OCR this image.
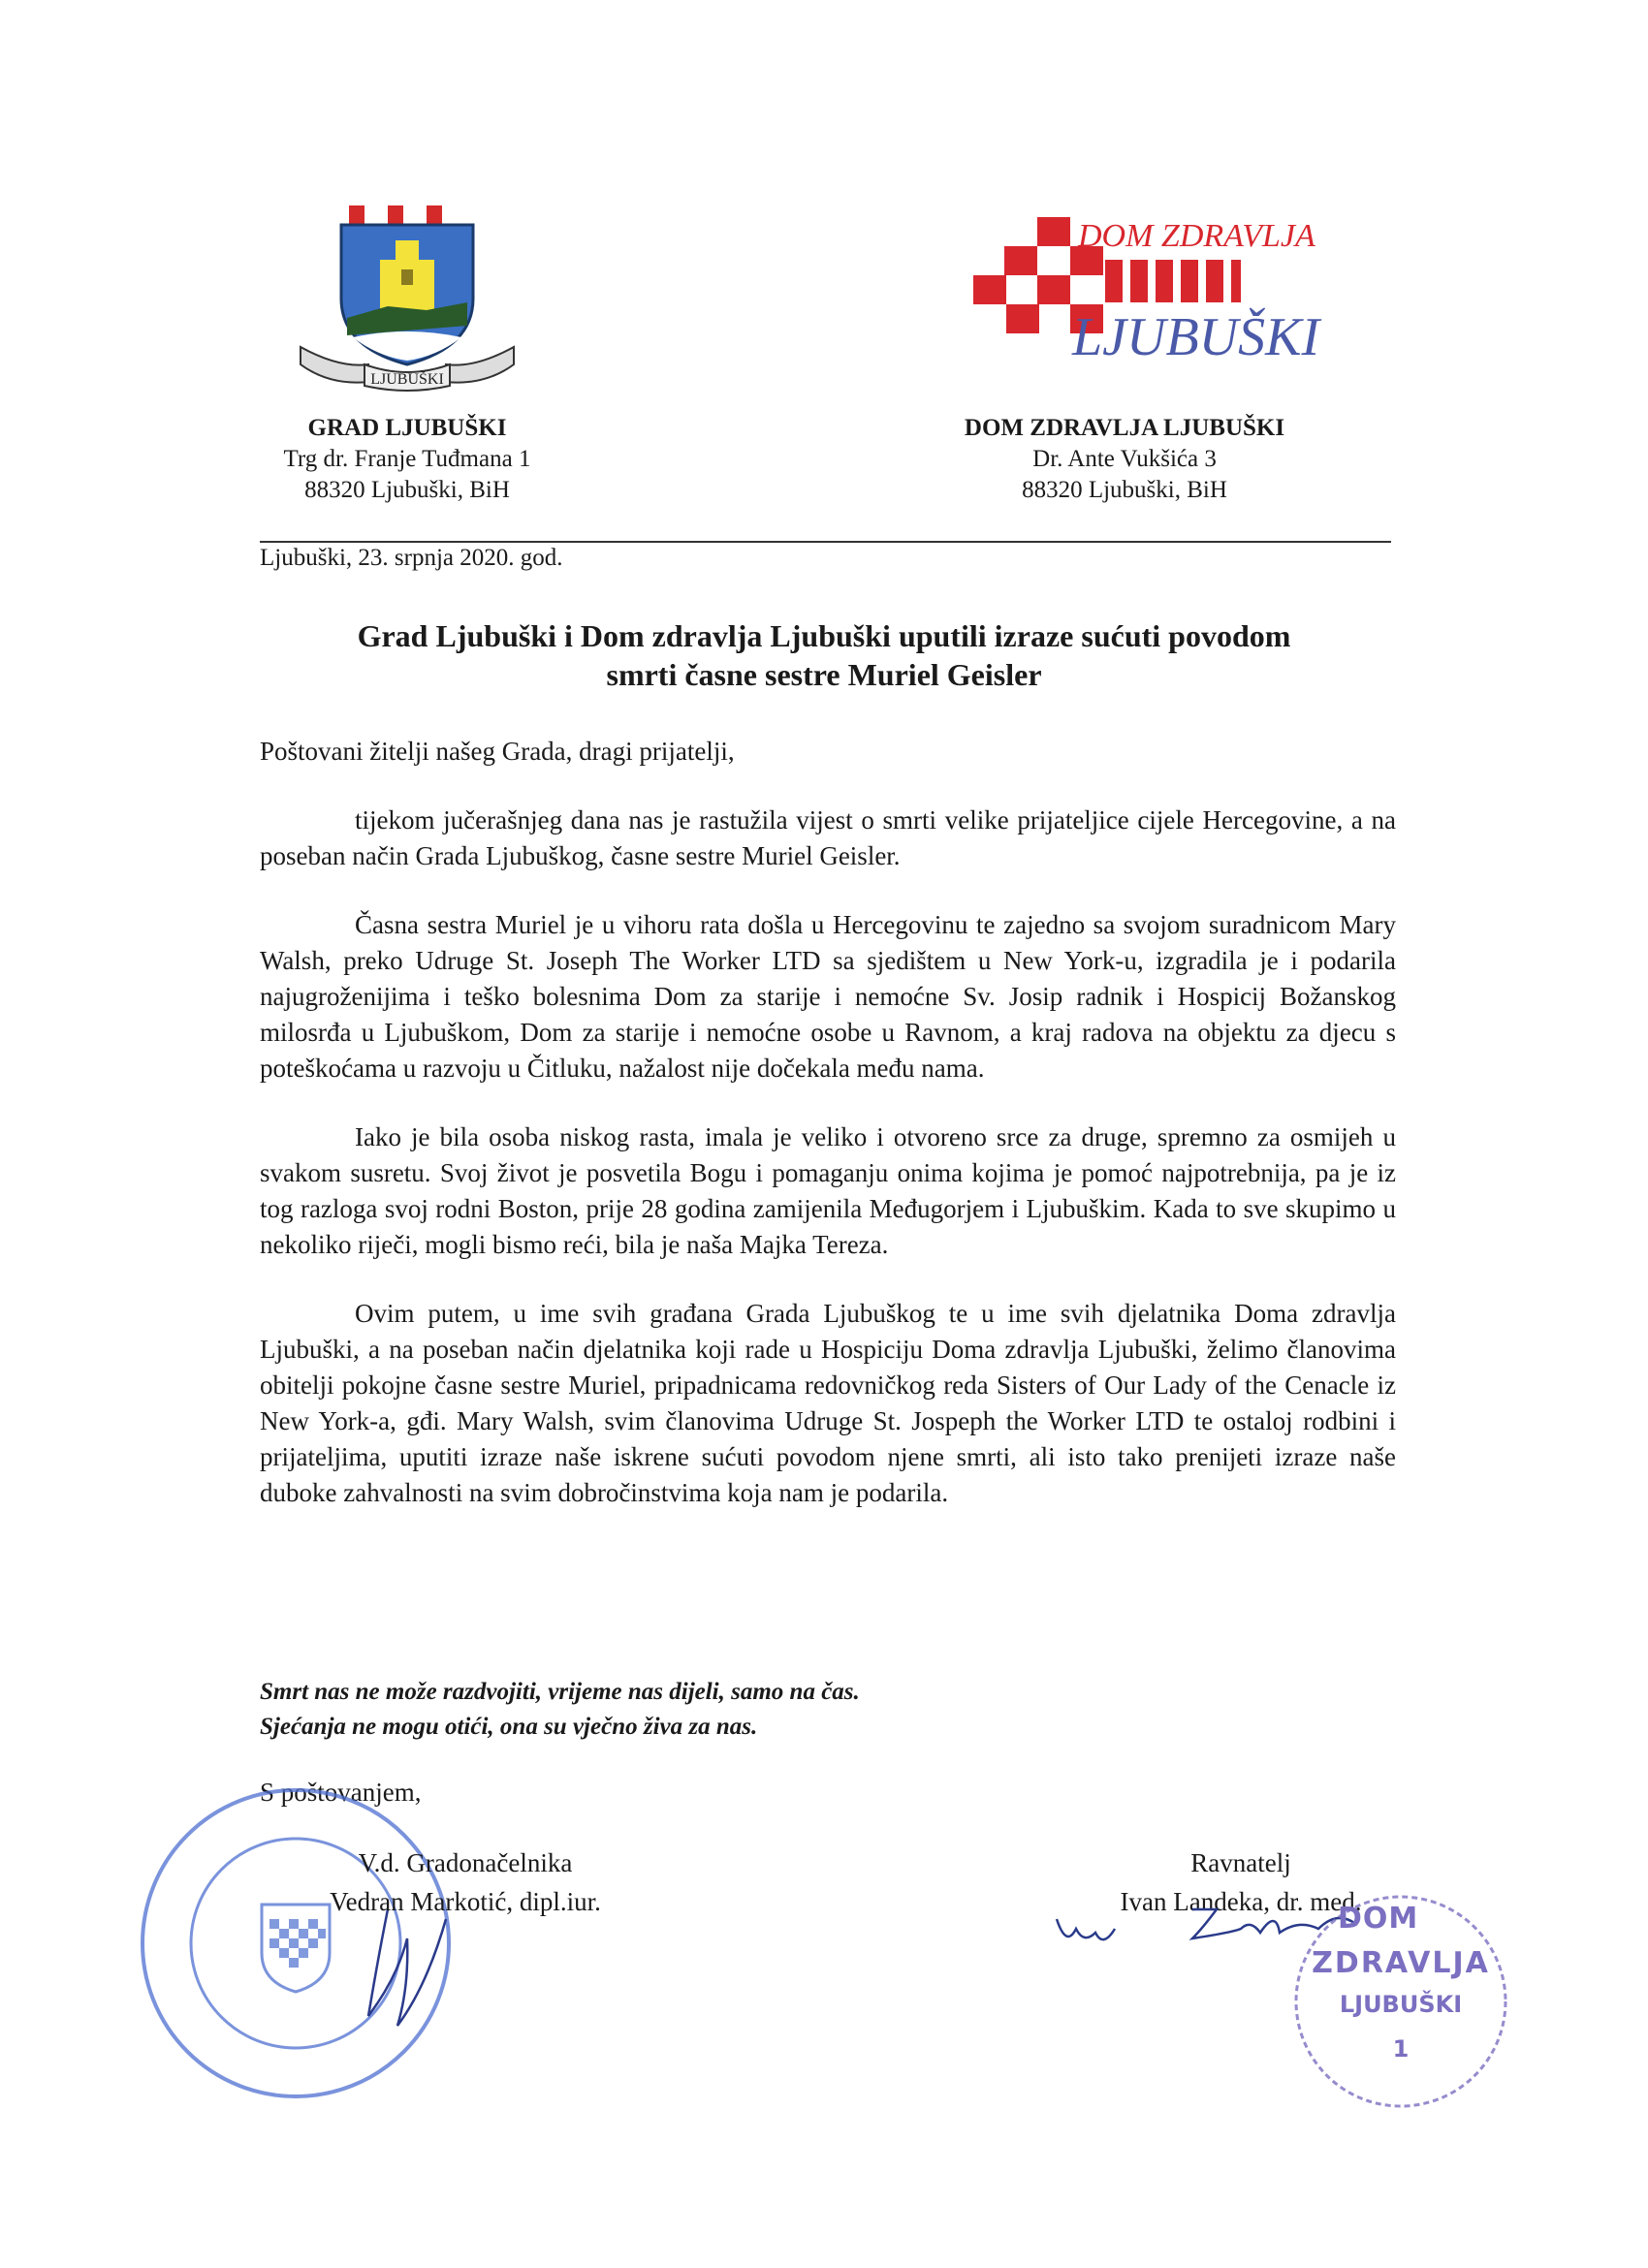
LJUBUŠKI
DOM ZDRAVLJA
LJUBUŠKI
GRAD LJUBUŠKI
Trg dr. Franje Tuđmana 1
88320 Ljubuški, BiH
DOM ZDRAVLJA LJUBUŠKI
Dr. Ante Vukšića 3
88320 Ljubuški, BiH
Ljubuški, 23. srpnja 2020. god.
Grad Ljubuški i Dom zdravlja Ljubuški uputili izraze sućuti povodom
smrti časne sestre Muriel Geisler
Poštovani žitelji našeg Grada, dragi prijatelji,

tijekom jučerašnjeg dana nas je rastužila vijest o smrti velike prijateljice cijele Hercegovine, a na poseban način Grada Ljubuškog, časne sestre Muriel Geisler.

Časna sestra Muriel je u vihoru rata došla u Hercegovinu te zajedno sa svojom suradnicom Mary Walsh, preko Udruge St. Joseph The Worker LTD sa sjedištem u New York-u, izgradila je i podarila najugroženijima i teško bolesnima Dom za starije i nemoćne Sv. Josip radnik i Hospicij Božanskog milosrđa u Ljubuškom, Dom za starije i nemoćne osobe u Ravnom, a kraj radova na objektu za djecu s poteškoćama u razvoju u Čitluku, nažalost nije dočekala među nama.

Iako je bila osoba niskog rasta, imala je veliko i otvoreno srce za druge, spremno za osmijeh u svakom susretu. Svoj život je posvetila Bogu i pomaganju onima kojima je pomoć najpotrebnija, pa je iz tog razloga svoj rodni Boston, prije 28 godina zamijenila Međugorjem i Ljubuškim. Kada to sve skupimo u nekoliko riječi, mogli bismo reći, bila je naša Majka Tereza.

Ovim putem, u ime svih građana Grada Ljubuškog te u ime svih djelatnika Doma zdravlja Ljubuški, a na poseban način djelatnika koji rade u Hospiciju Doma zdravlja Ljubuški, želimo članovima obitelji pokojne časne sestre Muriel, pripadnicama redovničkog reda Sisters of Our Lady of the Cenacle iz New York-a, gđi. Mary Walsh, svim članovima Udruge St. Jospeph the Worker LTD te ostaloj rodbini i prijateljima, uputiti izraze naše iskrene sućuti povodom njene smrti, ali isto tako prenijeti izraze naše duboke zahvalnosti na svim dobročinstvima koja nam je podarila.

Smrt nas ne može razdvojiti, vrijeme nas dijeli, samo na čas.
Sjećanja ne mogu otići, ona su vječno živa za nas.
S poštovanjem,
V.d. Gradonačelnika
Vedran Markotić, dipl.iur.
Ravnatelj
Ivan Landeka, dr. med.
DOM
ZDRAVLJA
LJUBUŠKI
1
